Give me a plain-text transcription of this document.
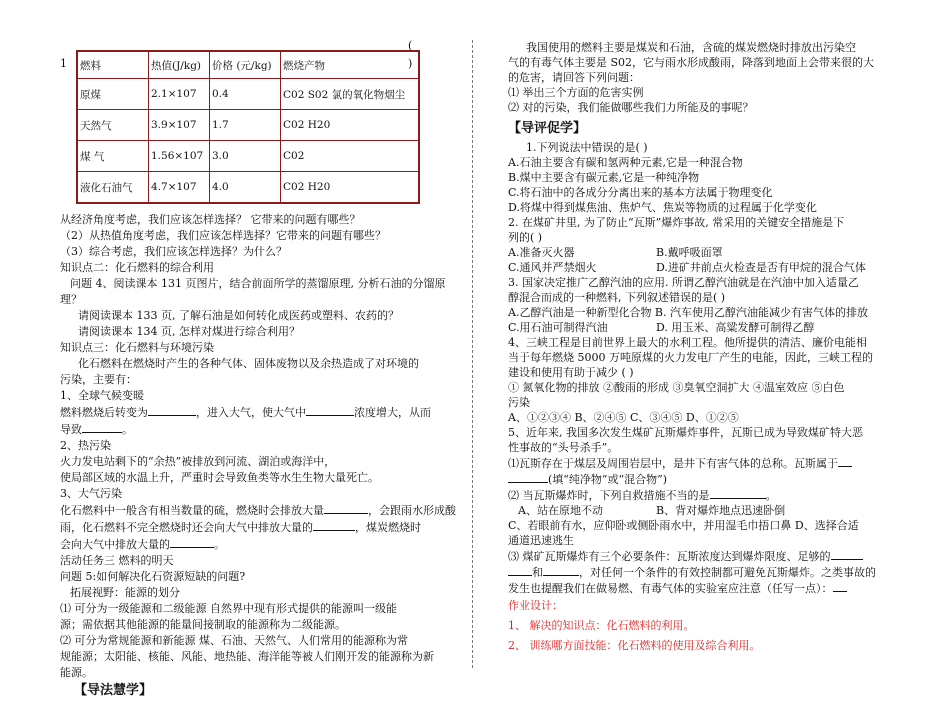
(
)
1 燃料	热值(J/kg)	价格 (元/kg)	燃烧产物
原煤	2.1×107	0.4	C02 S02 氯的氧化物烟尘
天然气	3.9×107	1.7	C02 H20
煤 气	1.56×107	3.0	C02
液化石油气	4.7×107	4.0	C02 H20

从经济角度考虑，我们应该怎样选择？ 它带来的问题有哪些？

（2）从热值角度考虑，我们应该怎样选择？它带来的问题有哪些？

（3）综合考虑，我们应该怎样选择？为什么？

知识点二：化石燃料的综合利用

问题 4、阅读课本 131 页图片，结合前面所学的蒸馏原理, 分析石油的分馏原

理？

请阅读课本 133 页, 了解石油是如何转化成医药或塑料、农药的？

请阅读课本 134 页, 怎样对煤进行综合利用？

知识点三：化石燃料与环境污染

化石燃料在燃烧时产生的各种气体、固体废物以及余热造成了对环境的

污染，主要有：

1、全球气候变暖

燃料燃烧后转变为	，进入大气，使大气中	浓度增大，从而

导致	。

2、热污染

火力发电站剩下的“余热”被排放到河流、湖泊或海洋中，

使局部区域的水温上升，严重时会导致鱼类等水生生物大量死亡。

3、大气污染

化石燃料中一般含有相当数量的硫，燃烧时会排放大量	，会跟雨水形成酸

雨，化石燃料不完全燃烧时还会向大气中排放大量的	，煤炭燃烧时

会向大气中排放大量的	。

活动任务三 燃料的明天

问题 5:如何解决化石资源短缺的问题?

拓展视野：能源的划分

⑴ 可分为一级能源和二级能源 自然界中现有形式提供的能源叫一级能

源；需依据其他能源的能量间接制取的能源称为二级能源。

⑵ 可分为常规能源和新能源 煤、石油、天然气、人们常用的能源称为常

规能源；太阳能、核能、风能、地热能、海洋能等被人们刚开发的能源称为新

能源。

【导法慧学】

我国使用的燃料主要是煤炭和石油，含硫的煤炭燃烧时排放出污染空

气的有毒气体主要是 S02，它与雨水形成酸雨，降落到地面上会带来很的大

的危害，请回答下列问题：

⑴ 举出三个方面的危害实例

⑵ 对的污染，我们能做哪些我们力所能及的事呢？

【导评促学】

1.下列说法中错误的是( )

A.石油主要含有碳和氢两种元素,它是一种混合物

B.煤中主要含有碳元素,它是一种纯净物

C.将石油中的各成分分离出来的基本方法属于物理变化

D.将煤中得到煤焦油、焦炉气、焦炭等物质的过程属于化学变化

2. 在煤矿井里, 为了防止“瓦斯”爆炸事故, 常采用的关键安全措施是下

列的( )

A.准备灭火器	B.戴呼吸面罩

C.通风并严禁烟火	D.进矿井前点火检查是否有甲烷的混合气体

3. 国家决定推广乙醇汽油的应用. 所谓乙醇汽油就是在汽油中加入适量乙

醇混合而成的一种燃料, 下列叙述错误的是( )

A.乙醇汽油是一种新型化合物 B. 汽车使用乙醇汽油能减少有害气体的排放

C.用石油可制得汽油	D. 用玉米、高粱发酵可制得乙醇

4、三峡工程是目前世界上最大的水利工程。他所提供的清洁、廉价电能相

当于每年燃烧 5000 万吨原煤的火力发电厂产生的电能，因此，三峡工程的

建设和使用有助于减少 ( )

① 氮氧化物的排放 ②酸雨的形成 ③臭氧空洞扩大 ④温室效应 ⑤白色

污染

A、①②③④ B、②④⑤ C、③④⑤ D、①②⑤

5、近年来, 我国多次发生煤矿瓦斯爆炸事件，瓦斯已成为导致煤矿特大恶

性事故的“头号杀手”。

⑴瓦斯存在于煤层及周围岩层中，是井下有害气体的总称。瓦斯属于

(填“纯净物”或“混合物”)

⑵ 当瓦斯爆炸时，下列自救措施不当的是	。

A、站在原地不动	B、背对爆炸地点迅速卧倒

C、若眼前有水，应仰卧或侧卧雨水中，并用湿毛巾捂口鼻 D、选择合适

通道迅速逃生

⑶ 煤矿瓦斯爆炸有三个必要条件：瓦斯浓度达到爆炸限度、足够的

和	，对任何一个条件的有效控制都可避免瓦斯爆炸。之类事故的

发生也提醒我们在做易燃、有毒气体的实验室应注意（任写一点）：

作业设计：

1、 解决的知识点：化石燃料的利用。

2、 训练哪方面技能：化石燃料的使用及综合利用。
